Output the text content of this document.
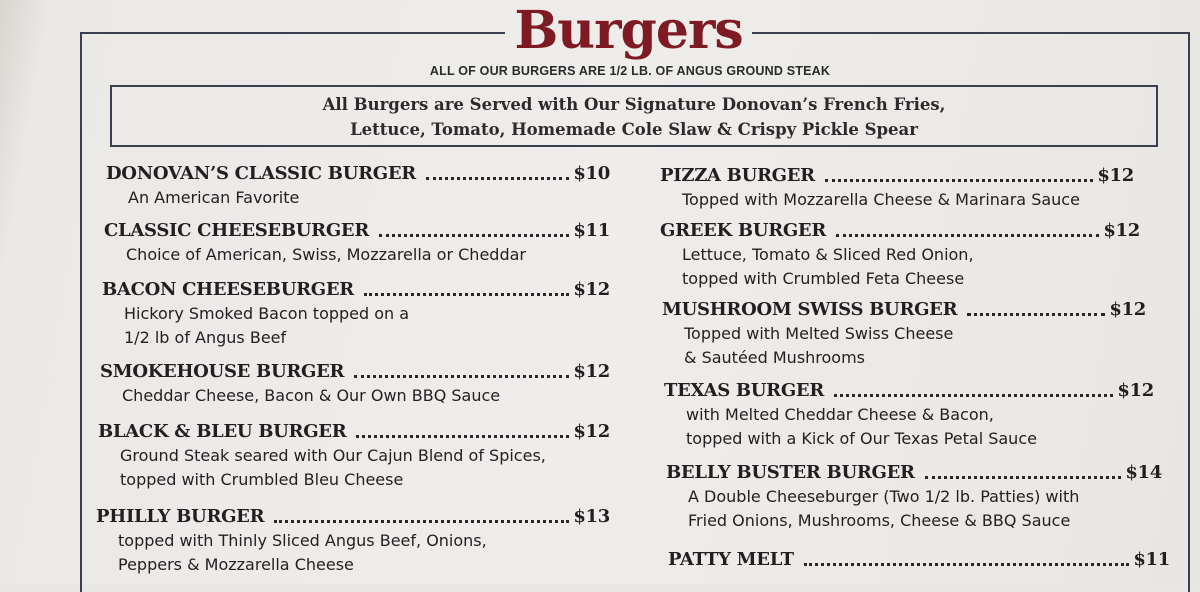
Burgers
ALL OF OUR BURGERS ARE 1/2 LB. OF ANGUS GROUND STEAK
All Burgers are Served with Our Signature Donovan’s French Fries,
Lettuce, Tomato, Homemade Cole Slaw & Crispy Pickle Spear
DONOVAN’S CLASSIC BURGER	$10
An American Favorite
CLASSIC CHEESEBURGER	$11
Choice of American, Swiss, Mozzarella or Cheddar
BACON CHEESEBURGER	$12
Hickory Smoked Bacon topped on a
1/2 lb of Angus Beef
SMOKEHOUSE BURGER	$12
Cheddar Cheese, Bacon & Our Own BBQ Sauce
BLACK & BLEU BURGER	$12
Ground Steak seared with Our Cajun Blend of Spices,
topped with Crumbled Bleu Cheese
PHILLY BURGER	$13
topped with Thinly Sliced Angus Beef, Onions,
Peppers & Mozzarella Cheese
PIZZA BURGER	$12
Topped with Mozzarella Cheese & Marinara Sauce
GREEK BURGER	$12
Lettuce, Tomato & Sliced Red Onion,
topped with Crumbled Feta Cheese
MUSHROOM SWISS BURGER	$12
Topped with Melted Swiss Cheese
& Sautéed Mushrooms
TEXAS BURGER	$12
with Melted Cheddar Cheese & Bacon,
topped with a Kick of Our Texas Petal Sauce
BELLY BUSTER BURGER	$14
A Double Cheeseburger (Two 1/2 lb. Patties) with
Fried Onions, Mushrooms, Cheese & BBQ Sauce
PATTY MELT	$11
